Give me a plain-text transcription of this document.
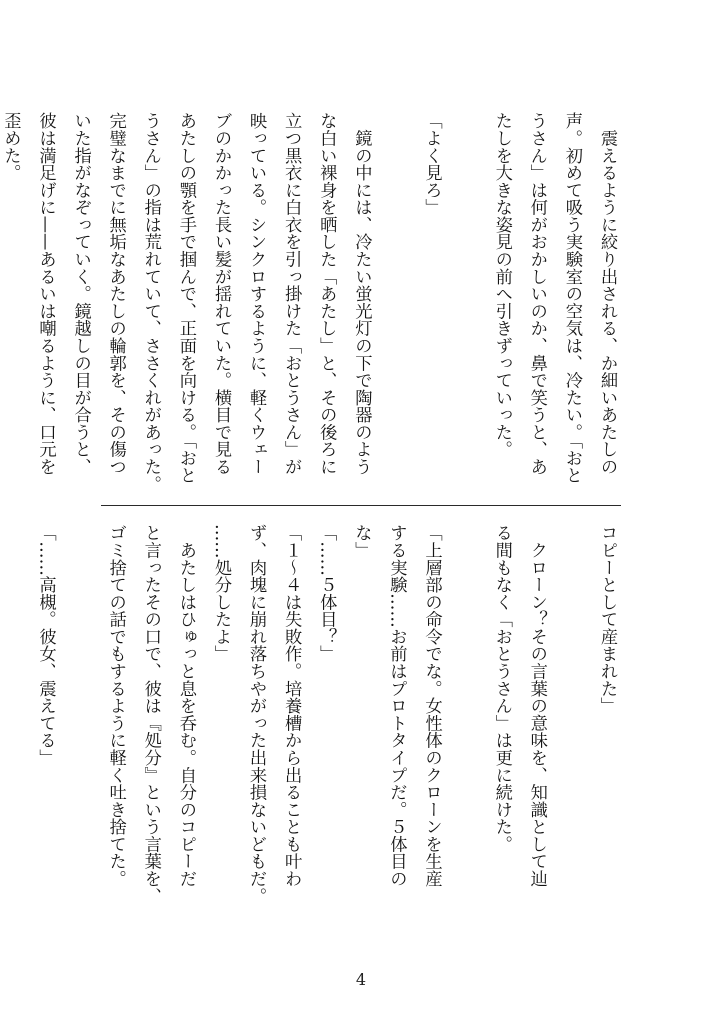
　震えるように絞り出される、か細いあたしの
声。初めて吸う実験室の空気は、冷たい。「おと
うさん」は何がおかしいのか、鼻で笑うと、あ
たしを大きな姿見の前へ引きずっていった。

「よく見ろ」

　鏡の中には、冷たい蛍光灯の下で陶器のよう
な白い裸身を晒した「あたし」と、その後ろに
立つ黒衣に白衣を引っ掛けた「おとうさん」が
映っている。シンクロするように、軽くウェー
ブのかかった長い髪が揺れていた。横目で見る
あたしの顎を手で掴んで、正面を向ける。「おと
うさん」の指は荒れていて、ささくれがあった。
完璧なまでに無垢なあたしの輪郭を、その傷つ
いた指がなぞっていく。鏡越しの目が合うと、
彼は満足げに——あるいは嘲るように、口元を
歪めた。

コピーとして産まれた」

　クローン？その言葉の意味を、知識として辿
る間もなく「おとうさん」は更に続けた。

「上層部の命令でな。女性体のクローンを生産
する実験……お前はプロトタイプだ。５体目の
な」
「……５体目？」
「１〜４は失敗作。培養槽から出ることも叶わ
ず、肉塊に崩れ落ちやがった出来損ないどもだ。
……処分したよ」
　あたしはひゅっと息を呑む。自分のコピーだ
と言ったその口で、彼は『処分』という言葉を、
ゴミ捨ての話でもするように軽く吐き捨てた。

「……高槻。彼女、震えてる」

4
